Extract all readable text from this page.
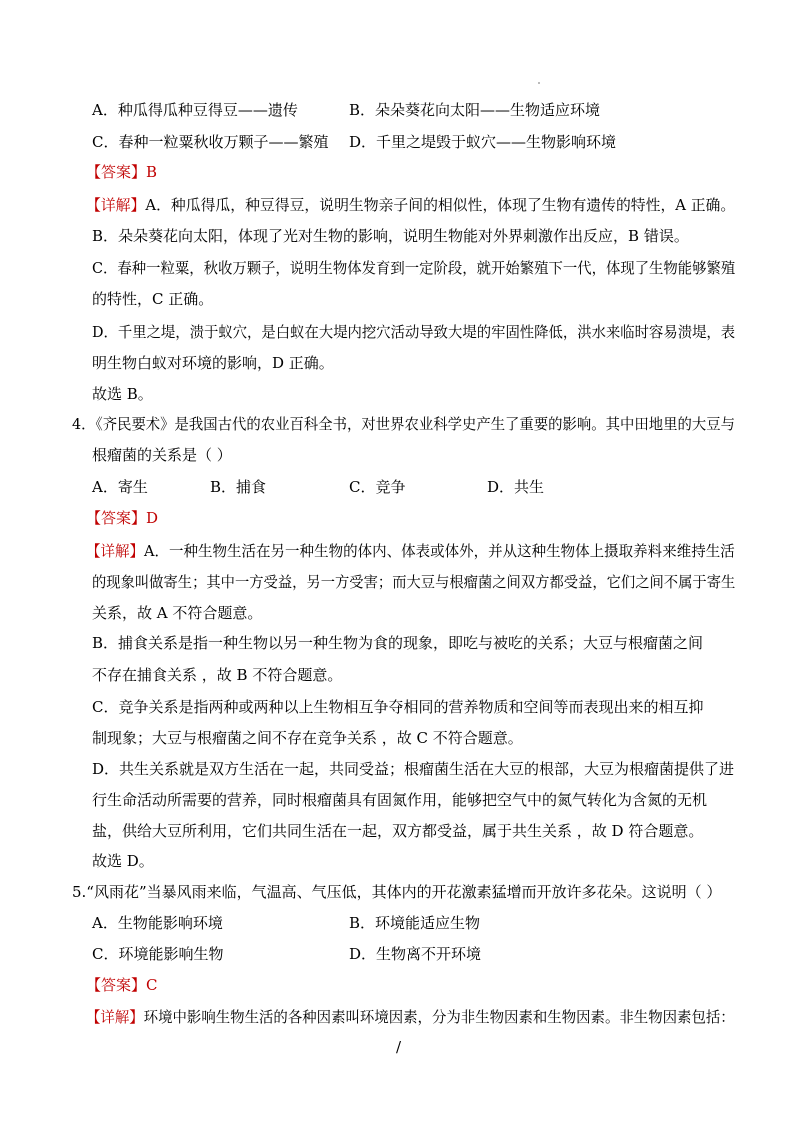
A．种瓜得瓜种豆得豆——遗传	B．朵朵葵花向太阳——生物适应环境
C．春种一粒粟秋收万颗子——繁殖 D．千里之堤毁于蚁穴——生物影响环境
【答案】B
【详解】A．种瓜得瓜，种豆得豆，说明生物亲子间的相似性，体现了生物有遗传的特性，A 正确。
B．朵朵葵花向太阳，体现了光对生物的影响，说明生物能对外界刺激作出反应，B 错误。
C．春种一粒粟，秋收万颗子，说明生物体发育到一定阶段，就开始繁殖下一代，体现了生物能够繁殖
的特性，C 正确。
D．千里之堤，溃于蚁穴，是白蚁在大堤内挖穴活动导致大堤的牢固性降低，洪水来临时容易溃堤，表
明生物白蚁对环境的影响，D 正确。
故选 B。
4．《齐民要术》是我国古代的农业百科全书，对世界农业科学史产生了重要的影响。其中田地里的大豆与
根瘤菌的关系是（ ）
A．寄生	B．捕食	C．竞争	D．共生
【答案】D
【详解】A．一种生物生活在另一种生物的体内、体表或体外，并从这种生物体上摄取养料来维持生活
的现象叫做寄生；其中一方受益，另一方受害；而大豆与根瘤菌之间双方都受益，它们之间不属于寄生
关系，故 A 不符合题意。
B．捕食关系是指一种生物以另一种生物为食的现象，即吃与被吃的关系；大豆与根瘤菌之间
不存在捕食关系 ，故 B 不符合题意。
C．竞争关系是指两种或两种以上生物相互争夺相同的营养物质和空间等而表现出来的相互抑
制现象；大豆与根瘤菌之间不存在竞争关系 ，故 C 不符合题意。
D．共生关系就是双方生活在一起，共同受益；根瘤菌生活在大豆的根部，大豆为根瘤菌提供了进
行生命活动所需要的营养，同时根瘤菌具有固氮作用，能够把空气中的氮气转化为含氮的无机
盐，供给大豆所利用，它们共同生活在一起，双方都受益，属于共生关系 ，故 D 符合题意。
故选 D。
5.“风雨花”当暴风雨来临，气温高、气压低，其体内的开花激素猛增而开放许多花朵。这说明（ ）
A．生物能影响环境	B．环境能适应生物
C．环境能影响生物	D．生物离不开环境
【答案】C
【详解】环境中影响生物生活的各种因素叫环境因素，分为非生物因素和生物因素。非生物因素包括：
/
